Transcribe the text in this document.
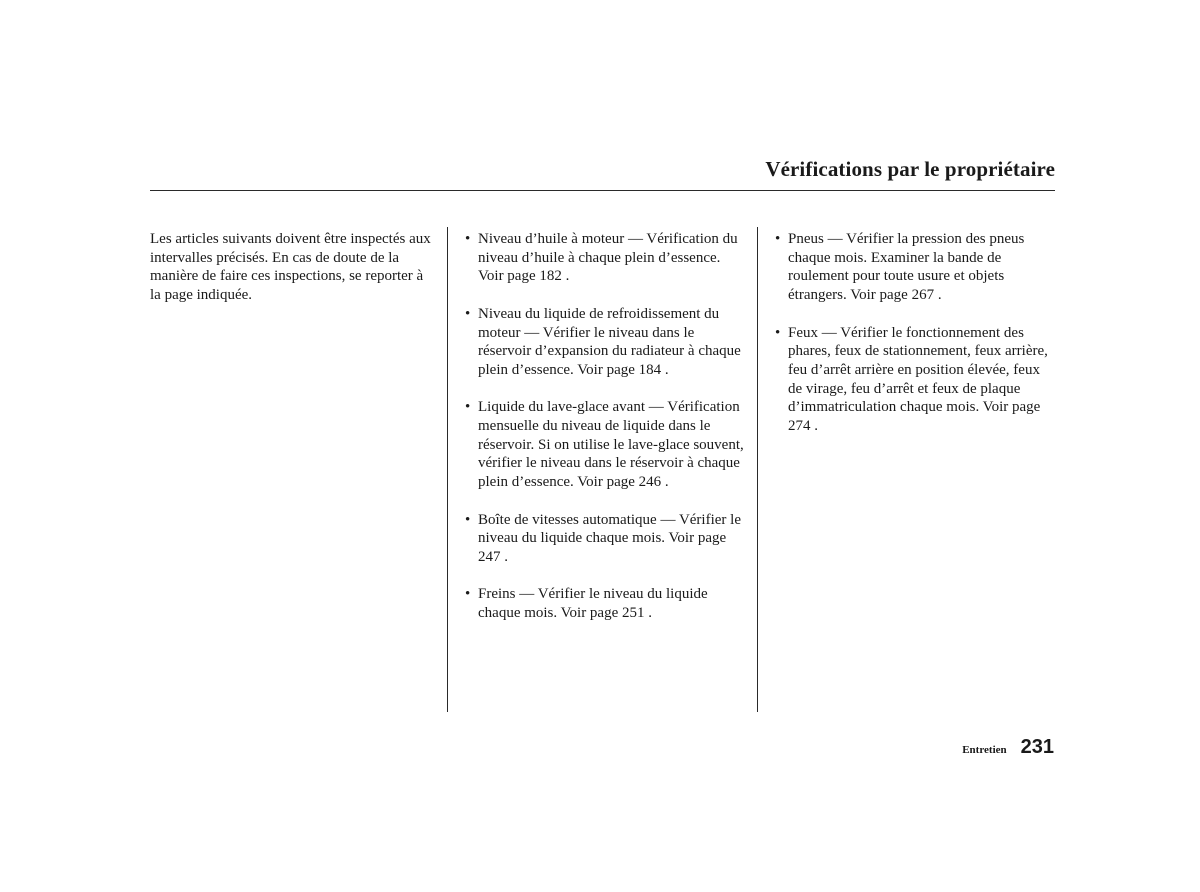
Vérifications par le propriétaire

Les articles suivants doivent être inspectés aux intervalles précisés. En cas de doute de la manière de faire ces inspections, se reporter à la page indiquée.

• Niveau d’huile à moteur — Vérification du niveau d’huile à chaque plein d’essence. Voir page 182 .
• Niveau du liquide de refroidissement du moteur — Vérifier le niveau dans le réservoir d’expansion du radiateur à chaque plein d’essence. Voir page 184 .
• Liquide du lave-glace avant — Vérification mensuelle du niveau de liquide dans le réservoir. Si on utilise le lave-glace souvent, vérifier le niveau dans le réservoir à chaque plein d’essence. Voir page 246 .
• Boîte de vitesses automatique — Vérifier le niveau du liquide chaque mois. Voir page 247 .
• Freins — Vérifier le niveau du liquide chaque mois. Voir page 251 .
• Pneus — Vérifier la pression des pneus chaque mois. Examiner la bande de roulement pour toute usure et objets étrangers. Voir page 267 .
• Feux — Vérifier le fonctionnement des phares, feux de stationnement, feux arrière, feu d’arrêt arrière en position élevée, feux de virage, feu d’arrêt et feux de plaque d’immatriculation chaque mois. Voir page 274 .
Entretien 231
